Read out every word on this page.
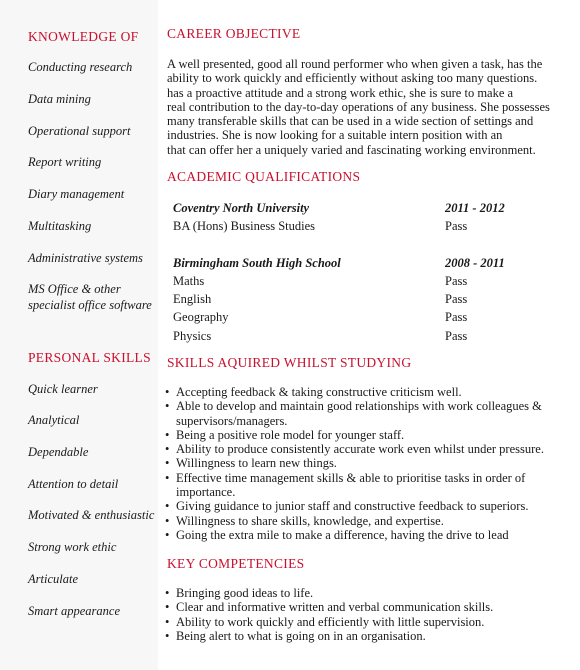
KNOWLEDGE OF
Conducting research
Data mining
Operational support
Report writing
Diary management
Multitasking
Administrative systems
MS Office & other
specialist office software
PERSONAL SKILLS
Quick learner
Analytical
Dependable
Attention to detail
Motivated & enthusiastic
Strong work ethic
Articulate
Smart appearance
CAREER OBJECTIVE
A well presented, good all round performer who when given a task, has the
ability to work quickly and efficiently without asking too many questions.
has a proactive attitude and a strong work ethic, she is sure to make a
real contribution to the day-to-day operations of any business. She possesses
many transferable skills that can be used in a wide section of settings and
industries. She is now looking for a suitable intern position with an
that can offer her a uniquely varied and fascinating working environment.
ACADEMIC QUALIFICATIONS
Coventry North University	2011 - 2012
BA (Hons) Business Studies	Pass
Birmingham South High School	2008 - 2011
Maths	Pass
English	Pass
Geography	Pass
Physics	Pass
SKILLS AQUIRED WHILST STUDYING
• Accepting feedback & taking constructive criticism well.
• Able to develop and maintain good relationships with work colleagues &
supervisors/managers.
• Being a positive role model for younger staff.
• Ability to produce consistently accurate work even whilst under pressure.
• Willingness to learn new things.
• Effective time management skills & able to prioritise tasks in order of
importance.
• Giving guidance to junior staff and constructive feedback to superiors.
• Willingness to share skills, knowledge, and expertise.
• Going the extra mile to make a difference, having the drive to lead
KEY COMPETENCIES
• Bringing good ideas to life.
• Clear and informative written and verbal communication skills.
• Ability to work quickly and efficiently with little supervision.
• Being alert to what is going on in an organisation.
